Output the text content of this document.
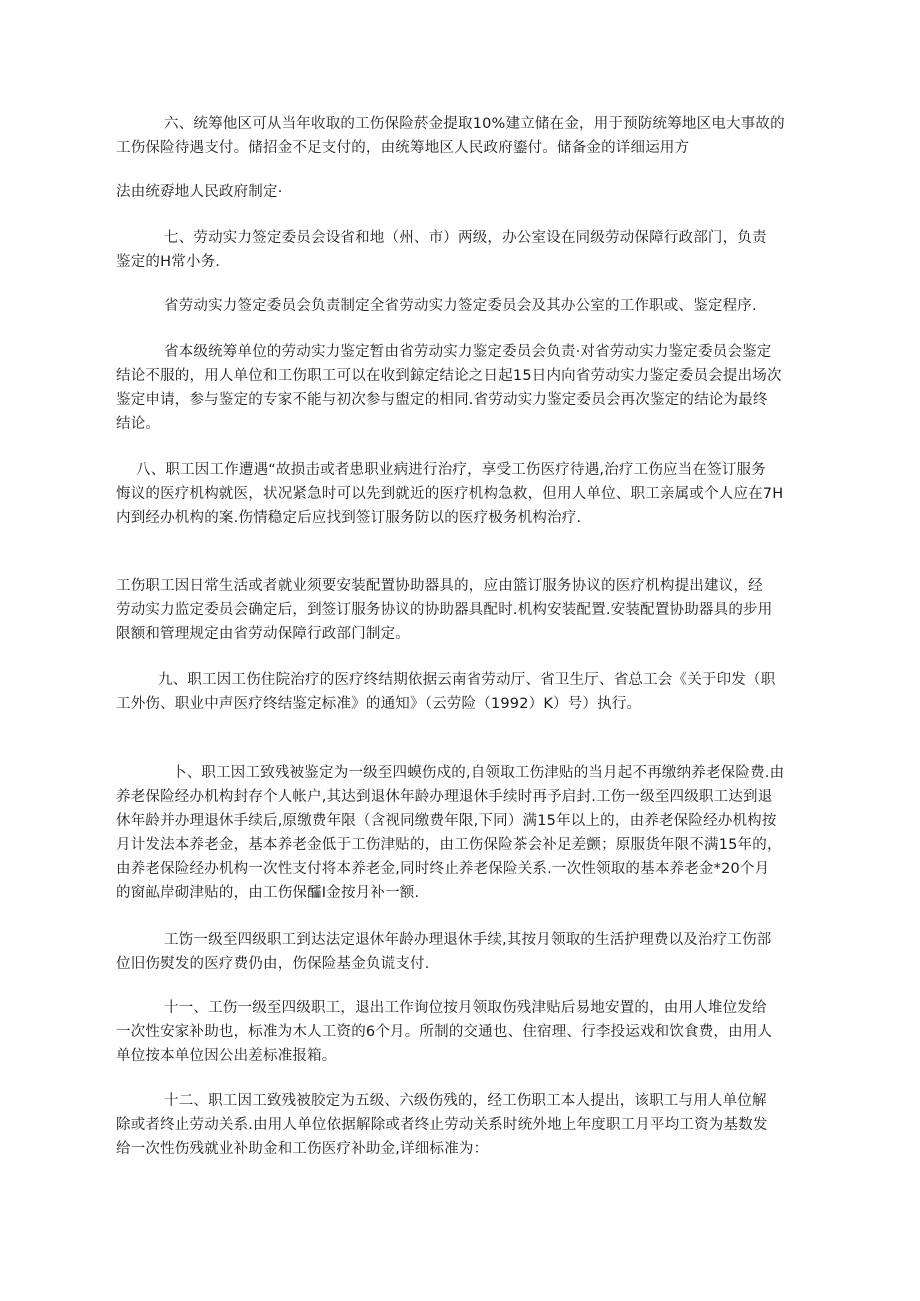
六、统筹他区可从当年收取的工伤保险菸金提取10%建立储在金，用于预防统筹地区电大事故的
工伤保险待遇支付。储招金不足支付的，由统筹地区人民政府鎏付。储备金的详细运用方
法由统孬地人民政府制定·
七、劳动实力签定委员会设省和地（州、市）两级，办公室设在同级劳动保障行政部门，负责
鉴定的H常小务.
省劳动实力签定委员会负责制定全省劳动实力签定委员会及其办公室的工作职或、鉴定程序.
省本级统筹单位的劳动实力鉴定暂由省劳动实力鉴定委员会负责·对省劳动实力鉴定委员会鉴定
结论不服的，用人单位和工伤职工可以在收到鍄定结论之日起15日内向省劳动实力鉴定委员会提出场次
鉴定申请，参与鉴定的专家不能与初次参与盥定的相同.省劳动实力鉴定委员会再次鉴定的结论为最终
结论。
八、职工因工作遭遇“故损击或者患职业病进行治疗，享受工伤医疗待遇,治疗工伤应当在签订服务
悔议的医疗机构就医，状况紧急时可以先到就近的医疗机构急救，但用人单位、职工亲属或个人应在7H
内到经办机构的案.伤情稳定后应找到签订服务防以的医疗极务机构治疗.
工伤职工因日常生活或者就业须要安装配置协助器具的，应由篮订服务协议的医疗机构提出建议，经
劳动实力监定委员会确定后，到签订服务协议的协助器具配时.机构安装配置.安装配置协助器具的步用
限额和管理规定由省劳动保障行政部门制定。
九、职工因工伤住院治疗的医疗终结期依据云南省劳动厅、省卫生厅、省总工会《关于印发（职
工外伤、职业中声医疗终结鉴定标准》的通知》（云劳险（1992）K）号）执行。
卜、职工因工致残被鉴定为一级至四蟆伤戍的,自领取工伤津贴的当月起不再缴纳养老保险费.由
养老保险经办机构封存个人帐户,其达到退休年龄办理退休手续时再予启封.工伤一级至四级职工达到退
休年龄并办理退休手续后,原缴费年限（含视同缴费年限,下同）满15年以上的，由养老保险经办机构按
月计发法本养老金，基本养老金低于工伤津贴的，由工伤保险茶会补足差颤；原服货年限不满15年的，
由养老保险经办机构一次性支付将本养老金,同时终止养老保险关系.一次性领取的基本养老金*20个月
的窗畆岸砌津贴的，由工伤保醽I金按月补一额.
工饬一级至四级职工到达法定退休年龄办理退休手续,其按月领取的生活护理费以及治疗工伤部
位旧伤熨发的医疗费仍由，伤保险基金负谎支付.
十一、工伤一级至四级职工，退出工作询位按月领取伤残津贴后易地安置的，由用人堆位发给
一次性安家补助也，标准为木人工资的6个月。所制的交通也、住宿理、行李投运戏和饮食费，由用人
单位按本单位因公出差标准报箱。
十二、职工因工致残被胶定为五级、六级伤残的，经工伤职工本人提出，该职工与用人单位解
除或者终止劳动关系.由用人单位依据解除或者终止劳动关系时统外地上年度职工月平均工资为基数发
给一次性伤残就业补助金和工伤医疗补助金,详细标准为：
